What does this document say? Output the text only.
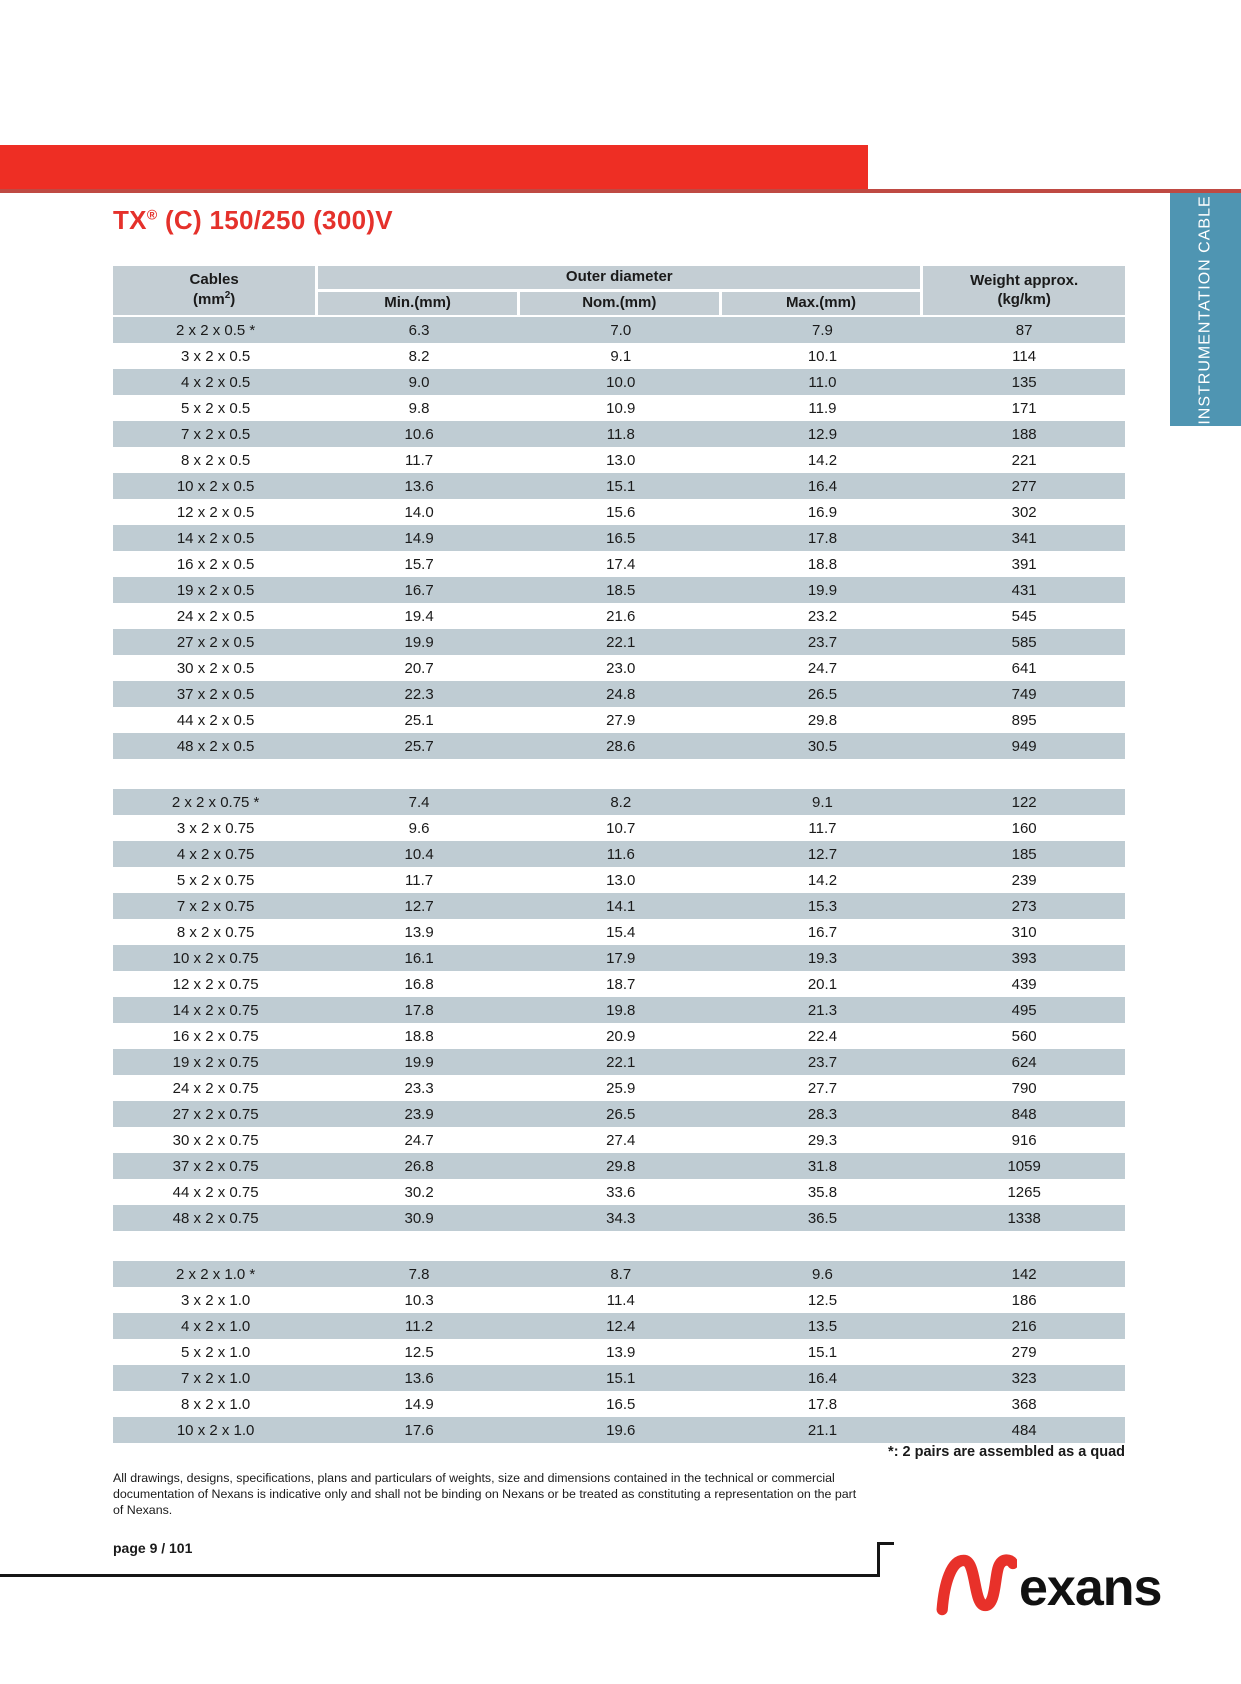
INSTRUMENTATION CABLE
TX® (C) 150/250 (300)V
Cables
$(mm^2)$	Outer diameter			Weight approx.
(kg/km)
	Min.(mm)	Nom.(mm)	Max.(mm)	
2 x 2 x 0.5 *	6.3	7.0	7.9	87
3 x 2 x 0.5	8.2	9.1	10.1	114
4 x 2 x 0.5	9.0	10.0	11.0	135
5 x 2 x 0.5	9.8	10.9	11.9	171
7 x 2 x 0.5	10.6	11.8	12.9	188
8 x 2 x 0.5	11.7	13.0	14.2	221
10 x 2 x 0.5	13.6	15.1	16.4	277
12 x 2 x 0.5	14.0	15.6	16.9	302
14 x 2 x 0.5	14.9	16.5	17.8	341
16 x 2 x 0.5	15.7	17.4	18.8	391
19 x 2 x 0.5	16.7	18.5	19.9	431
24 x 2 x 0.5	19.4	21.6	23.2	545
27 x 2 x 0.5	19.9	22.1	23.7	585
30 x 2 x 0.5	20.7	23.0	24.7	641
37 x 2 x 0.5	22.3	24.8	26.5	749
44 x 2 x 0.5	25.1	27.9	29.8	895
48 x 2 x 0.5	25.7	28.6	30.5	949

2 x 2 x 0.75 *	7.4	8.2	9.1	122
3 x 2 x 0.75	9.6	10.7	11.7	160
4 x 2 x 0.75	10.4	11.6	12.7	185
5 x 2 x 0.75	11.7	13.0	14.2	239
7 x 2 x 0.75	12.7	14.1	15.3	273
8 x 2 x 0.75	13.9	15.4	16.7	310
10 x 2 x 0.75	16.1	17.9	19.3	393
12 x 2 x 0.75	16.8	18.7	20.1	439
14 x 2 x 0.75	17.8	19.8	21.3	495
16 x 2 x 0.75	18.8	20.9	22.4	560
19 x 2 x 0.75	19.9	22.1	23.7	624
24 x 2 x 0.75	23.3	25.9	27.7	790
27 x 2 x 0.75	23.9	26.5	28.3	848
30 x 2 x 0.75	24.7	27.4	29.3	916
37 x 2 x 0.75	26.8	29.8	31.8	1059
44 x 2 x 0.75	30.2	33.6	35.8	1265
48 x 2 x 0.75	30.9	34.3	36.5	1338

2 x 2 x 1.0 *	7.8	8.7	9.6	142
3 x 2 x 1.0	10.3	11.4	12.5	186
4 x 2 x 1.0	11.2	12.4	13.5	216
5 x 2 x 1.0	12.5	13.9	15.1	279
7 x 2 x 1.0	13.6	15.1	16.4	323
8 x 2 x 1.0	14.9	16.5	17.8	368
10 x 2 x 1.0	17.6	19.6	21.1	484
*: 2 pairs are assembled as a quad
All drawings, designs, specifications, plans and particulars of weights, size and dimensions contained in the technical or commercial documentation of Nexans is indicative only and shall not be binding on Nexans or be treated as constituting a representation on the part of Nexans.
page 9 / 101
exans
